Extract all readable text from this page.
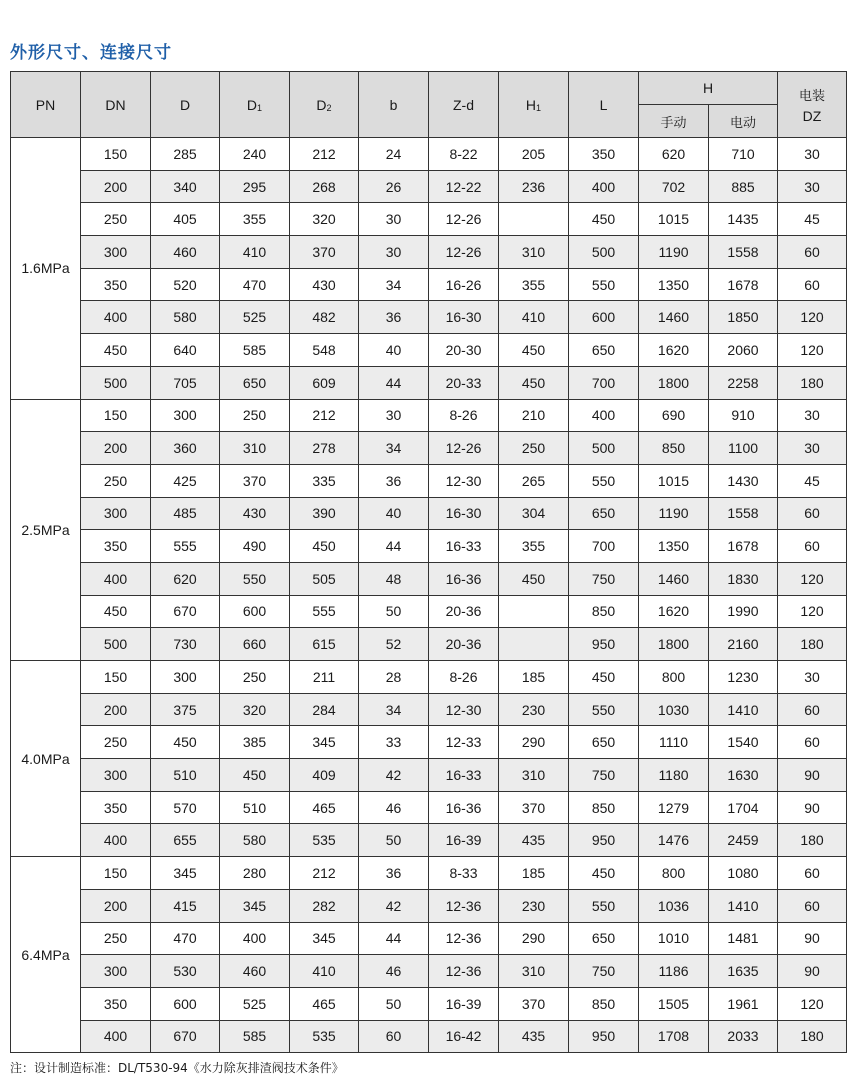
外形尺寸、连接尺寸
PN	DN	D	D1	D2	b	Z-d	H1	L	H		电装
DZ

									手动	电动	
1.6MPa	150	285	240	212	24	8-22	205	350	620	710	30
	200	340	295	268	26	12-22	236	400	702	885	30
	250	405	355	320	30	12-26		450	1015	1435	45
	300	460	410	370	30	12-26	310	500	1190	1558	60
	350	520	470	430	34	16-26	355	550	1350	1678	60
	400	580	525	482	36	16-30	410	600	1460	1850	120
	450	640	585	548	40	20-30	450	650	1620	2060	120
	500	705	650	609	44	20-33	450	700	1800	2258	180
2.5MPa	150	300	250	212	30	8-26	210	400	690	910	30
	200	360	310	278	34	12-26	250	500	850	1100	30
	250	425	370	335	36	12-30	265	550	1015	1430	45
	300	485	430	390	40	16-30	304	650	1190	1558	60
	350	555	490	450	44	16-33	355	700	1350	1678	60
	400	620	550	505	48	16-36	450	750	1460	1830	120
	450	670	600	555	50	20-36		850	1620	1990	120
	500	730	660	615	52	20-36		950	1800	2160	180
4.0MPa	150	300	250	211	28	8-26	185	450	800	1230	30
	200	375	320	284	34	12-30	230	550	1030	1410	60
	250	450	385	345	33	12-33	290	650	1110	1540	60
	300	510	450	409	42	16-33	310	750	1180	1630	90
	350	570	510	465	46	16-36	370	850	1279	1704	90
	400	655	580	535	50	16-39	435	950	1476	2459	180
6.4MPa	150	345	280	212	36	8-33	185	450	800	1080	60
	200	415	345	282	42	12-36	230	550	1036	1410	60
	250	470	400	345	44	12-36	290	650	1010	1481	90
	300	530	460	410	46	12-36	310	750	1186	1635	90
	350	600	525	465	50	16-39	370	850	1505	1961	120
	400	670	585	535	60	16-42	435	950	1708	2033	180
注：设计制造标准：DL/T530-94《水力除灰排渣阀技术条件》
